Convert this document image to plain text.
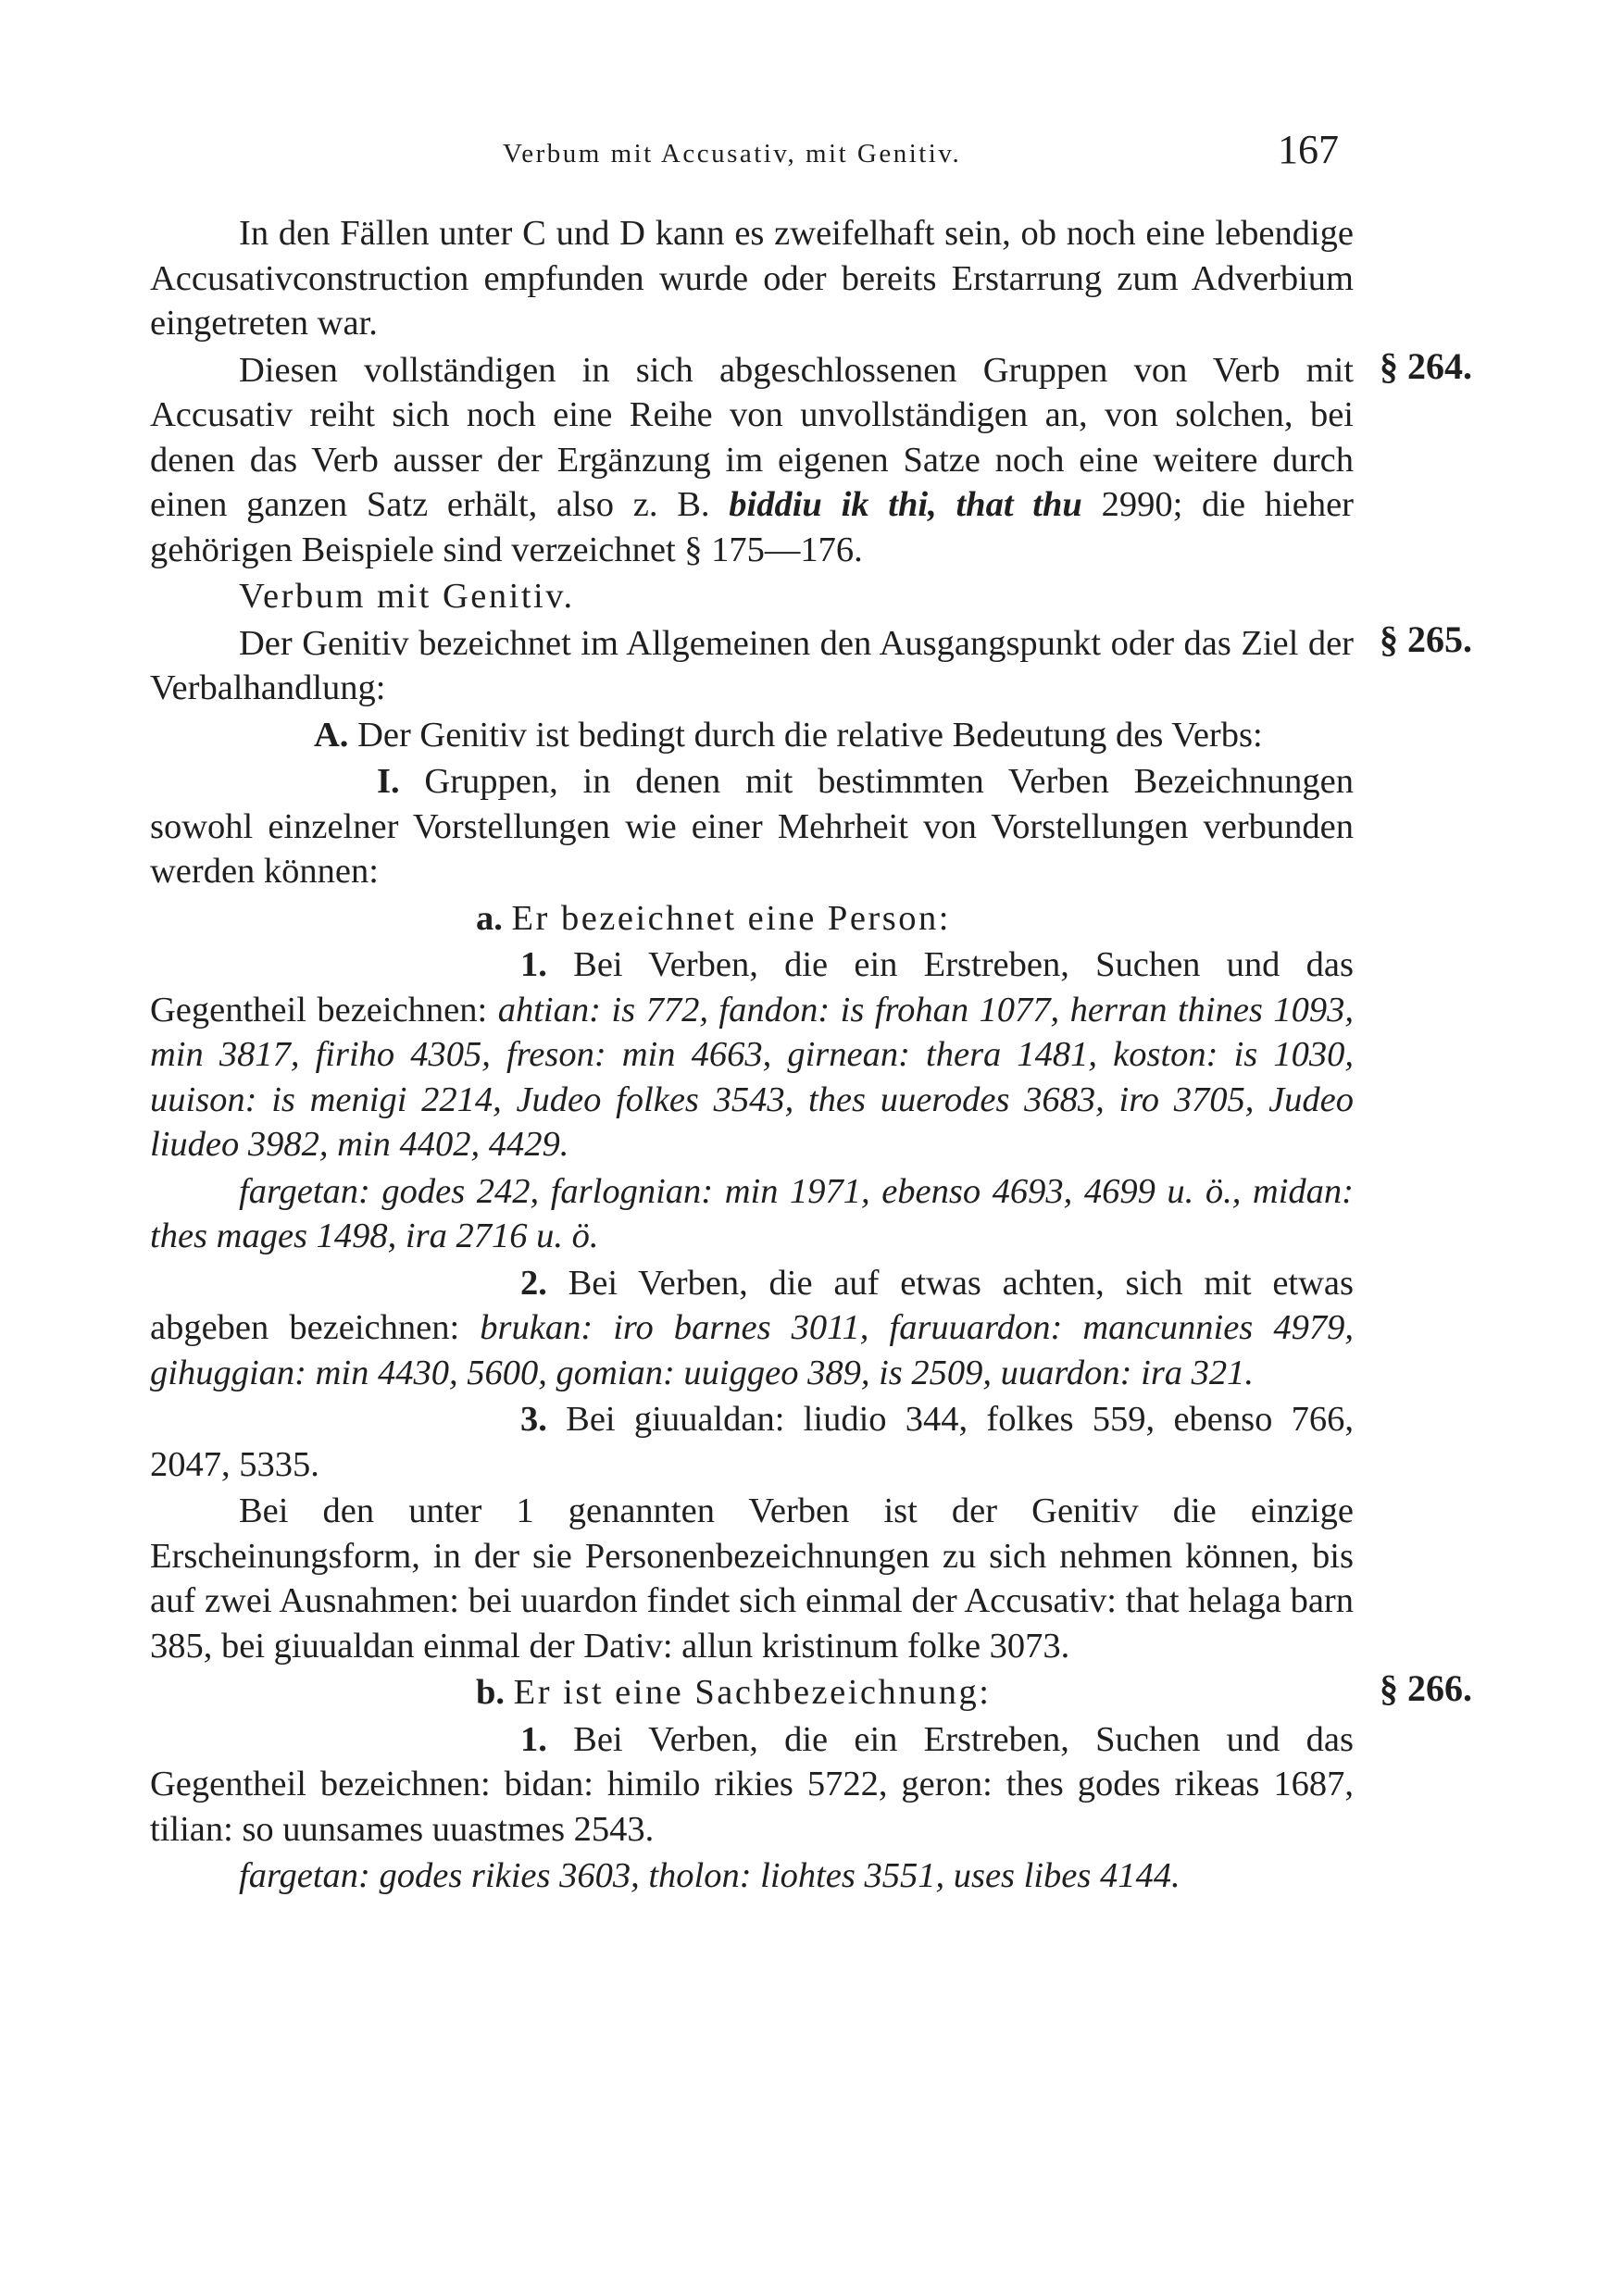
Verbum mit Accusativ, mit Genitiv.	167

In den Fällen unter C und D kann es zweifelhaft sein, ob noch eine lebendige Accusativconstruction empfunden wurde oder bereits Erstarrung zum Adverbium eingetreten war.

§ 264.

Diesen vollständigen in sich abgeschlossenen Gruppen von Verb mit Accusativ reiht sich noch eine Reihe von unvollständigen an, von solchen, bei denen das Verb ausser der Ergänzung im eigenen Satze noch eine weitere durch einen ganzen Satz erhält, also z. B. biddiu ik thi, that thu 2990; die hieher gehörigen Beispiele sind verzeichnet § 175—176.

Verbum mit Genitiv.

§ 265.

Der Genitiv bezeichnet im Allgemeinen den Ausgangspunkt oder das Ziel der Verbalhandlung:

A. Der Genitiv ist bedingt durch die relative Bedeutung des Verbs:

I. Gruppen, in denen mit bestimmten Verben Bezeichnungen sowohl einzelner Vorstellungen wie einer Mehrheit von Vorstellungen verbunden werden können:

a. Er bezeichnet eine Person:

1. Bei Verben, die ein Erstreben, Suchen und das Gegentheil bezeichnen: ahtian: is 772, fandon: is frohan 1077, herran thines 1093, min 3817, firiho 4305, freson: min 4663, girnean: thera 1481, koston: is 1030, uuison: is menigi 2214, Judeo folkes 3543, thes uuerodes 3683, iro 3705, Judeo liudeo 3982, min 4402, 4429.

fargetan: godes 242, farlognian: min 1971, ebenso 4693, 4699 u. ö., midan: thes mages 1498, ira 2716 u. ö.

2. Bei Verben, die auf etwas achten, sich mit etwas abgeben bezeichnen: brukan: iro barnes 3011, faruuardon: mancunnies 4979, gihuggian: min 4430, 5600, gomian: uuiggeo 389, is 2509, uuardon: ira 321.

3. Bei giuualdan: liudio 344, folkes 559, ebenso 766, 2047, 5335.

Bei den unter 1 genannten Verben ist der Genitiv die einzige Erscheinungsform, in der sie Personenbezeichnungen zu sich nehmen können, bis auf zwei Ausnahmen: bei uuardon findet sich einmal der Accusativ: that helaga barn 385, bei giuualdan einmal der Dativ: allun kristinum folke 3073.

§ 266.

b. Er ist eine Sachbezeichnung:

1. Bei Verben, die ein Erstreben, Suchen und das Gegentheil bezeichnen: bidan: himilo rikies 5722, geron: thes godes rikeas 1687, tilian: so uunsames uuastmes 2543.

fargetan: godes rikies 3603, tholon: liohtes 3551, uses libes 4144.
